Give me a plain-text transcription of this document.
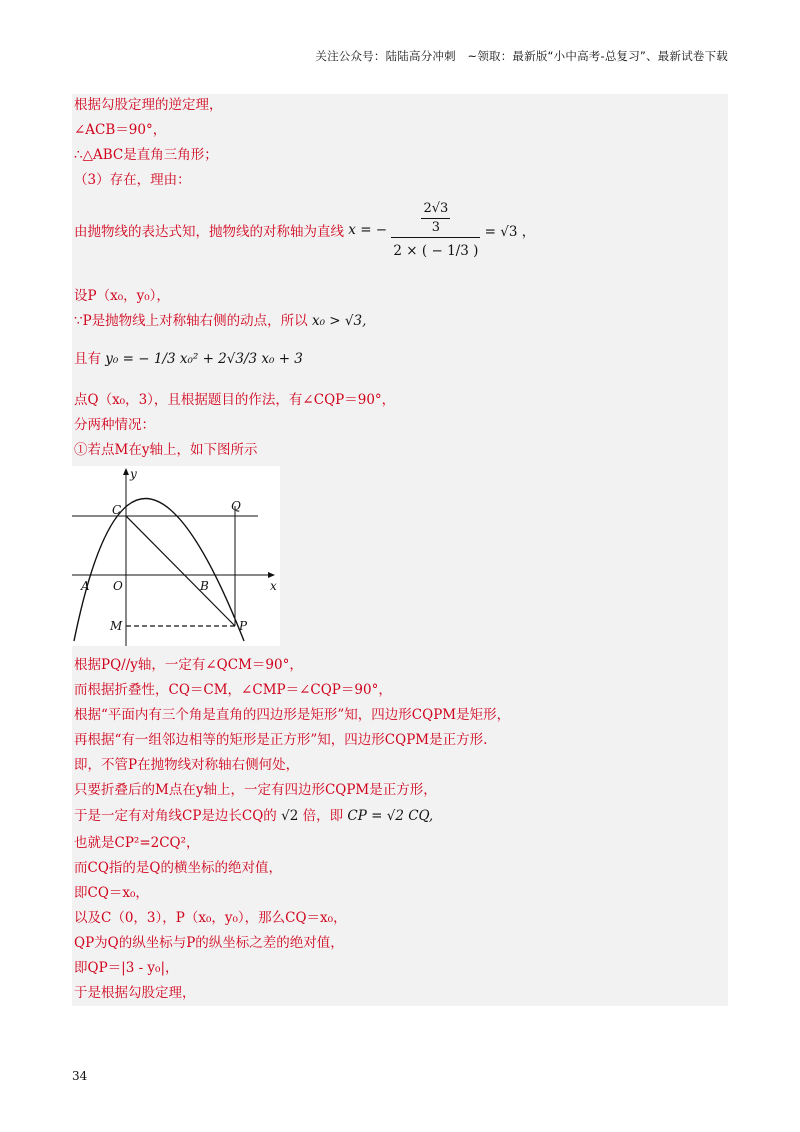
关注公众号：陆陆高分冲刺　~领取：最新版“小中高考-总复习”、最新试卷下载
根据勾股定理的逆定理，
∠ACB＝90°，
∴△ABC是直角三角形；
（3）存在，理由：
由抛物线的表达式知，抛物线的对称轴为直线 x = − $\frac{\frac{2√3}{3}}{2 \times ( - 1/3 )} = √3$ ，
设P（x₀，y₀），
∵P是抛物线上对称轴右侧的动点，所以 x₀ > √3,
且有 y₀ = − 1/3 x₀² + 2√3/3 x₀ + 3
点Q（x₀，3），且根据题目的作法，有∠CQP＝90°，
分两种情况：
①若点M在y轴上，如下图所示
y
x
C	Q
O
A	B
M	P
根据PQ//y轴，一定有∠QCM＝90°，
而根据折叠性，CQ＝CM，∠CMP＝∠CQP＝90°，
根据“平面内有三个角是直角的四边形是矩形”知，四边形CQPM是矩形，
再根据“有一组邻边相等的矩形是正方形”知，四边形CQPM是正方形.
即，不管P在抛物线对称轴右侧何处，
只要折叠后的M点在y轴上，一定有四边形CQPM是正方形，
于是一定有对角线CP是边长CQ的 √2 倍，即 CP = √2 CQ,
也就是CP²=2CQ²，
而CQ指的是Q的横坐标的绝对值，
即CQ＝x₀，
以及C（0，3），P（x₀，y₀），那么CQ＝x₀，
QP为Q的纵坐标与P的纵坐标之差的绝对值，
即QP＝|3 - y₀|，
于是根据勾股定理，
34
